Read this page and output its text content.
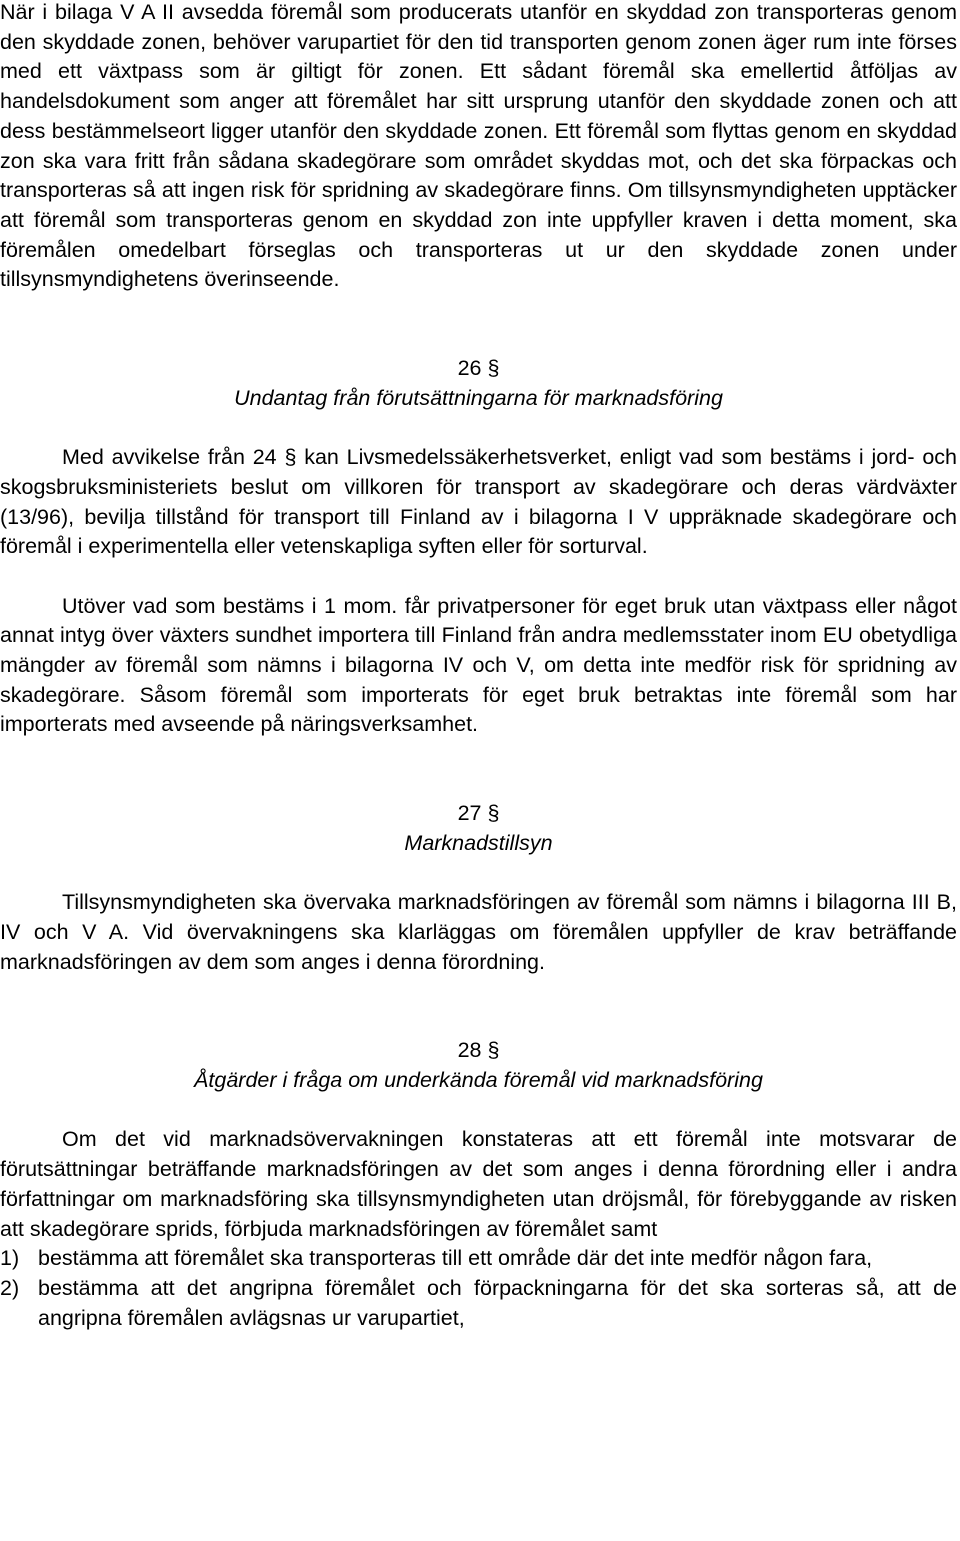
När i bilaga V A II avsedda föremål som producerats utanför en skyddad zon transporteras genom den skyddade zonen, behöver varupartiet för den tid transporten genom zonen äger rum inte förses med ett växtpass som är giltigt för zonen. Ett sådant föremål ska emellertid åtföljas av handelsdokument som anger att föremålet har sitt ursprung utanför den skyddade zonen och att dess bestämmelseort ligger utanför den skyddade zonen. Ett föremål som flyttas genom en skyddad zon ska vara fritt från sådana skadegörare som området skyddas mot, och det ska förpackas och transporteras så att ingen risk för spridning av skadegörare finns. Om tillsynsmyndigheten upptäcker att föremål som transporteras genom en skyddad zon inte uppfyller kraven i detta moment, ska föremålen omedelbart förseglas och transporteras ut ur den skyddade zonen under tillsynsmyndighetens överinseende.

26 §
Undantag från förutsättningarna för marknadsföring

Med avvikelse från 24 § kan Livsmedelssäkerhetsverket, enligt vad som bestäms i jord- och skogsbruksministeriets beslut om villkoren för transport av skadegörare och deras värdväxter (13/96), bevilja tillstånd för transport till Finland av i bilagorna I V uppräknade skadegörare och föremål i experimentella eller vetenskapliga syften eller för sorturval.

Utöver vad som bestäms i 1 mom. får privatpersoner för eget bruk utan växtpass eller något annat intyg över växters sundhet importera till Finland från andra medlemsstater inom EU obetydliga mängder av föremål som nämns i bilagorna IV och V, om detta inte medför risk för spridning av skadegörare. Såsom föremål som importerats för eget bruk betraktas inte föremål som har importerats med avseende på näringsverksamhet.

27 §
Marknadstillsyn

Tillsynsmyndigheten ska övervaka marknadsföringen av föremål som nämns i bilagorna III B, IV och V A. Vid övervakningens ska klarläggas om föremålen uppfyller de krav beträffande marknadsföringen av dem som anges i denna förordning.

28 §
Åtgärder i fråga om underkända föremål vid marknadsföring

Om det vid marknadsövervakningen konstateras att ett föremål inte motsvarar de förutsättningar beträffande marknadsföringen av det som anges i denna förordning eller i andra författningar om marknadsföring ska tillsynsmyndigheten utan dröjsmål, för förebyggande av risken att skadegörare sprids, förbjuda marknadsföringen av föremålet samt

1) bestämma att föremålet ska transporteras till ett område där det inte medför någon fara,
2) bestämma att det angripna föremålet och förpackningarna för det ska sorteras så, att de angripna föremålen avlägsnas ur varupartiet,
